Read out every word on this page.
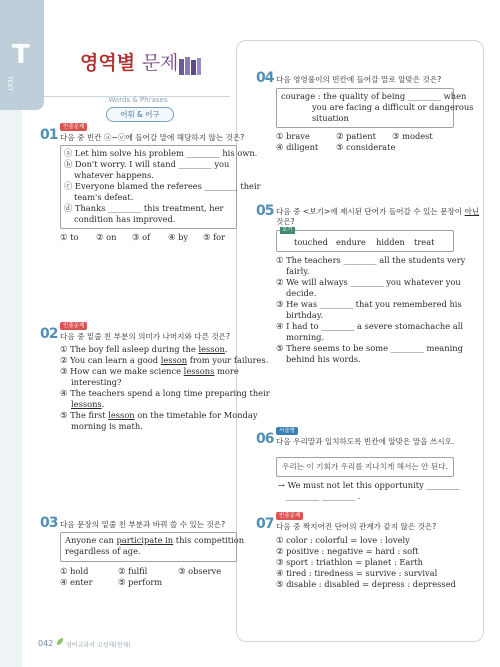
T
TEXT
영역별 문제
Words & Phrases
어휘 & 어구
빈출문제
01 다음 중 빈칸 ⓐ~ⓔ에 들어갈 말에 해당하지 않는 것은?
ⓐ Let him solve his problem ________ his own.
ⓑ Don't worry. I will stand ________ you
whatever happens.
ⓒ Everyone blamed the referees ________ their
team's defeat.
ⓓ Thanks ________ this treatment, her
condition has improved.
① to ② on ③ of ④ by ⑤ for
빈출문제
02 다음 중 밑줄 친 부분의 의미가 나머지와 다른 것은?
① The boy fell asleep during the lesson.
② You can learn a good lesson from your failures.
③ How can we make science lessons more
interesting?
④ The teachers spend a long time preparing their
lessons.
⑤ The first lesson on the timetable for Monday
morning is math.
03 다음 문장의 밑줄 친 부분과 바꿔 쓸 수 있는 것은?
Anyone can participate in this competition
regardless of age.
① hold	② fulfil	③ observe
④ enter	⑤ perform
04 다음 영영풀이의 빈칸에 들어갈 말로 알맞은 것은?
courage : the quality of being ________ when
you are facing a difficult or dangerous
situation
① brave	② patient ③ modest
④ diligent ⑤ considerate
05 다음 중 <보기>에 제시된 단어가 들어갈 수 있는 문장이 아닌
것은?
보기
touched endure hidden treat
① The teachers ________ all the students very
fairly.
② We will always ________ you whatever you
decide.
③ He was ________ that you remembered his
birthday.
④ I had to ________ a severe stomachache all
morning.
⑤ There seems to be some ________ meaning
behind his words.
서술형
06 다음 우리말과 일치하도록 빈칸에 알맞은 말을 쓰시오.
우리는 이 기회가 우리를 지나치게 해서는 안 된다.
→ We must not let this opportunity ________
________ ________ .
빈출문제
07 다음 중 짝지어진 단어의 관계가 같지 않은 것은?
① color : colorful = love : lovely
② positive : negative = hard : soft
③ sport : triathlon = planet : Earth
④ tired : tiredness = survive : survival
⑤ disable : disabled = depress : depressed
042 영어교과서 고성제(천재)
